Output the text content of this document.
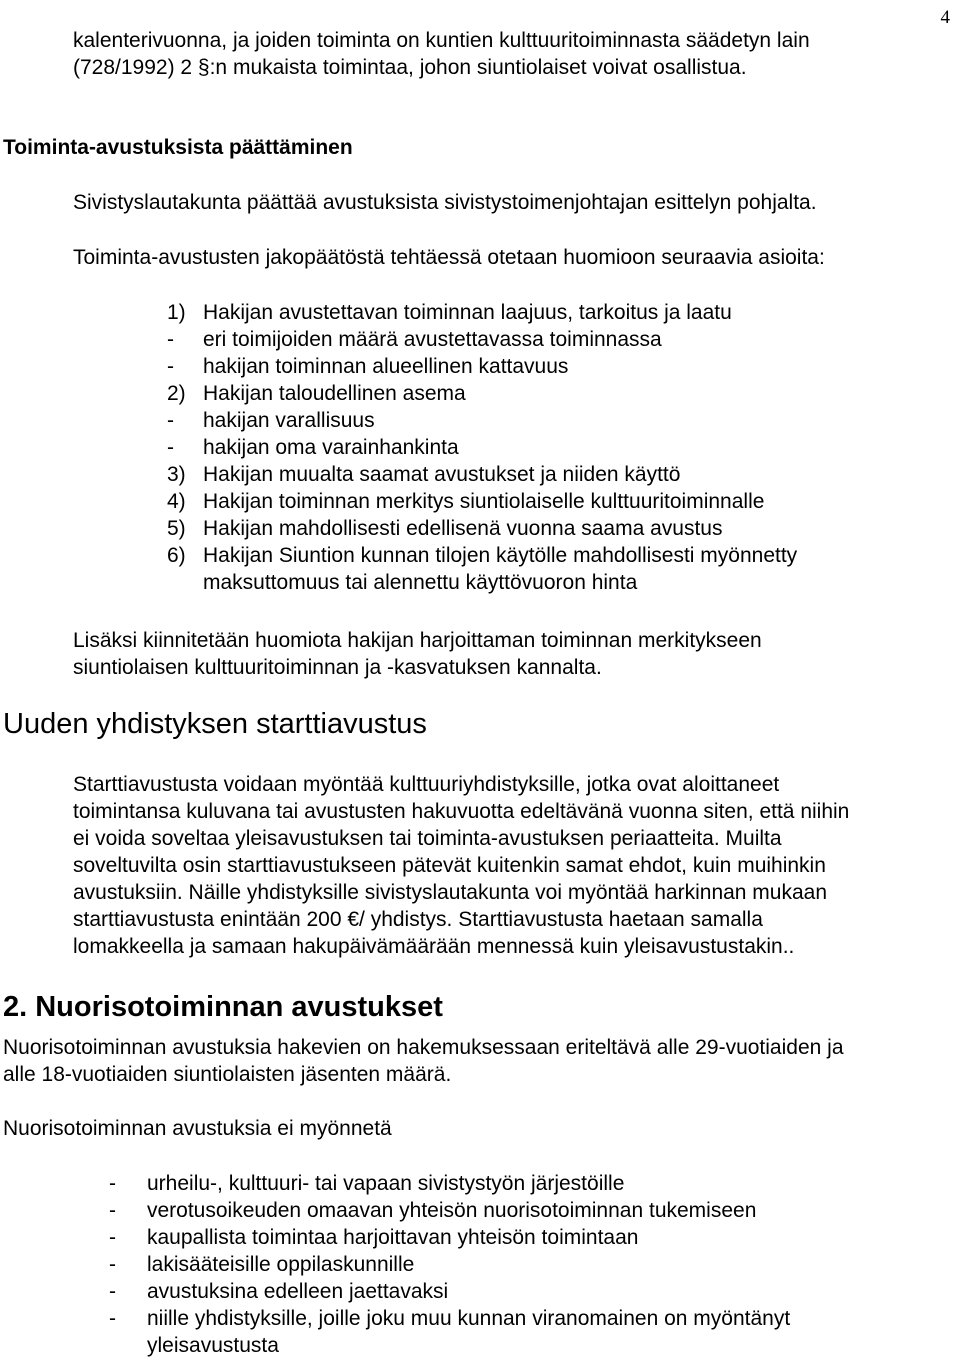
4
kalenterivuonna, ja joiden toiminta on kuntien kulttuuritoiminnasta säädetyn lain
(728/1992) 2 §:n mukaista toimintaa, johon siuntiolaiset voivat osallistua.
Toiminta-avustuksista päättäminen
Sivistyslautakunta päättää avustuksista sivistystoimenjohtajan esittelyn pohjalta.
Toiminta-avustusten jakopäätöstä tehtäessä otetaan huomioon seuraavia asioita:
1) Hakijan avustettavan toiminnan laajuus, tarkoitus ja laatu
- eri toimijoiden määrä avustettavassa toiminnassa
- hakijan toiminnan alueellinen kattavuus
2) Hakijan taloudellinen asema
- hakijan varallisuus
- hakijan oma varainhankinta
3) Hakijan muualta saamat avustukset ja niiden käyttö
4) Hakijan toiminnan merkitys siuntiolaiselle kulttuuritoiminnalle
5) Hakijan mahdollisesti edellisenä vuonna saama avustus
6) Hakijan Siuntion kunnan tilojen käytölle mahdollisesti myönnetty
maksuttomuus tai alennettu käyttövuoron hinta
Lisäksi kiinnitetään huomiota hakijan harjoittaman toiminnan merkitykseen
siuntiolaisen kulttuuritoiminnan ja -kasvatuksen kannalta.
Uuden yhdistyksen starttiavustus
Starttiavustusta voidaan myöntää kulttuuriyhdistyksille, jotka ovat aloittaneet
toimintansa kuluvana tai avustusten hakuvuotta edeltävänä vuonna siten, että niihin
ei voida soveltaa yleisavustuksen tai toiminta-avustuksen periaatteita. Muilta
soveltuvilta osin starttiavustukseen pätevät kuitenkin samat ehdot, kuin muihinkin
avustuksiin. Näille yhdistyksille sivistyslautakunta voi myöntää harkinnan mukaan
starttiavustusta enintään 200 €/ yhdistys. Starttiavustusta haetaan samalla
lomakkeella ja samaan hakupäivämäärään mennessä kuin yleisavustustakin..
2. Nuorisotoiminnan avustukset
Nuorisotoiminnan avustuksia hakevien on hakemuksessaan eriteltävä alle 29-vuotiaiden ja
alle 18-vuotiaiden siuntiolaisten jäsenten määrä.
Nuorisotoiminnan avustuksia ei myönnetä
- urheilu-, kulttuuri- tai vapaan sivistystyön järjestöille
- verotusoikeuden omaavan yhteisön nuorisotoiminnan tukemiseen
- kaupallista toimintaa harjoittavan yhteisön toimintaan
- lakisääteisille oppilaskunnille
- avustuksina edelleen jaettavaksi
- niille yhdistyksille, joille joku muu kunnan viranomainen on myöntänyt
yleisavustusta
